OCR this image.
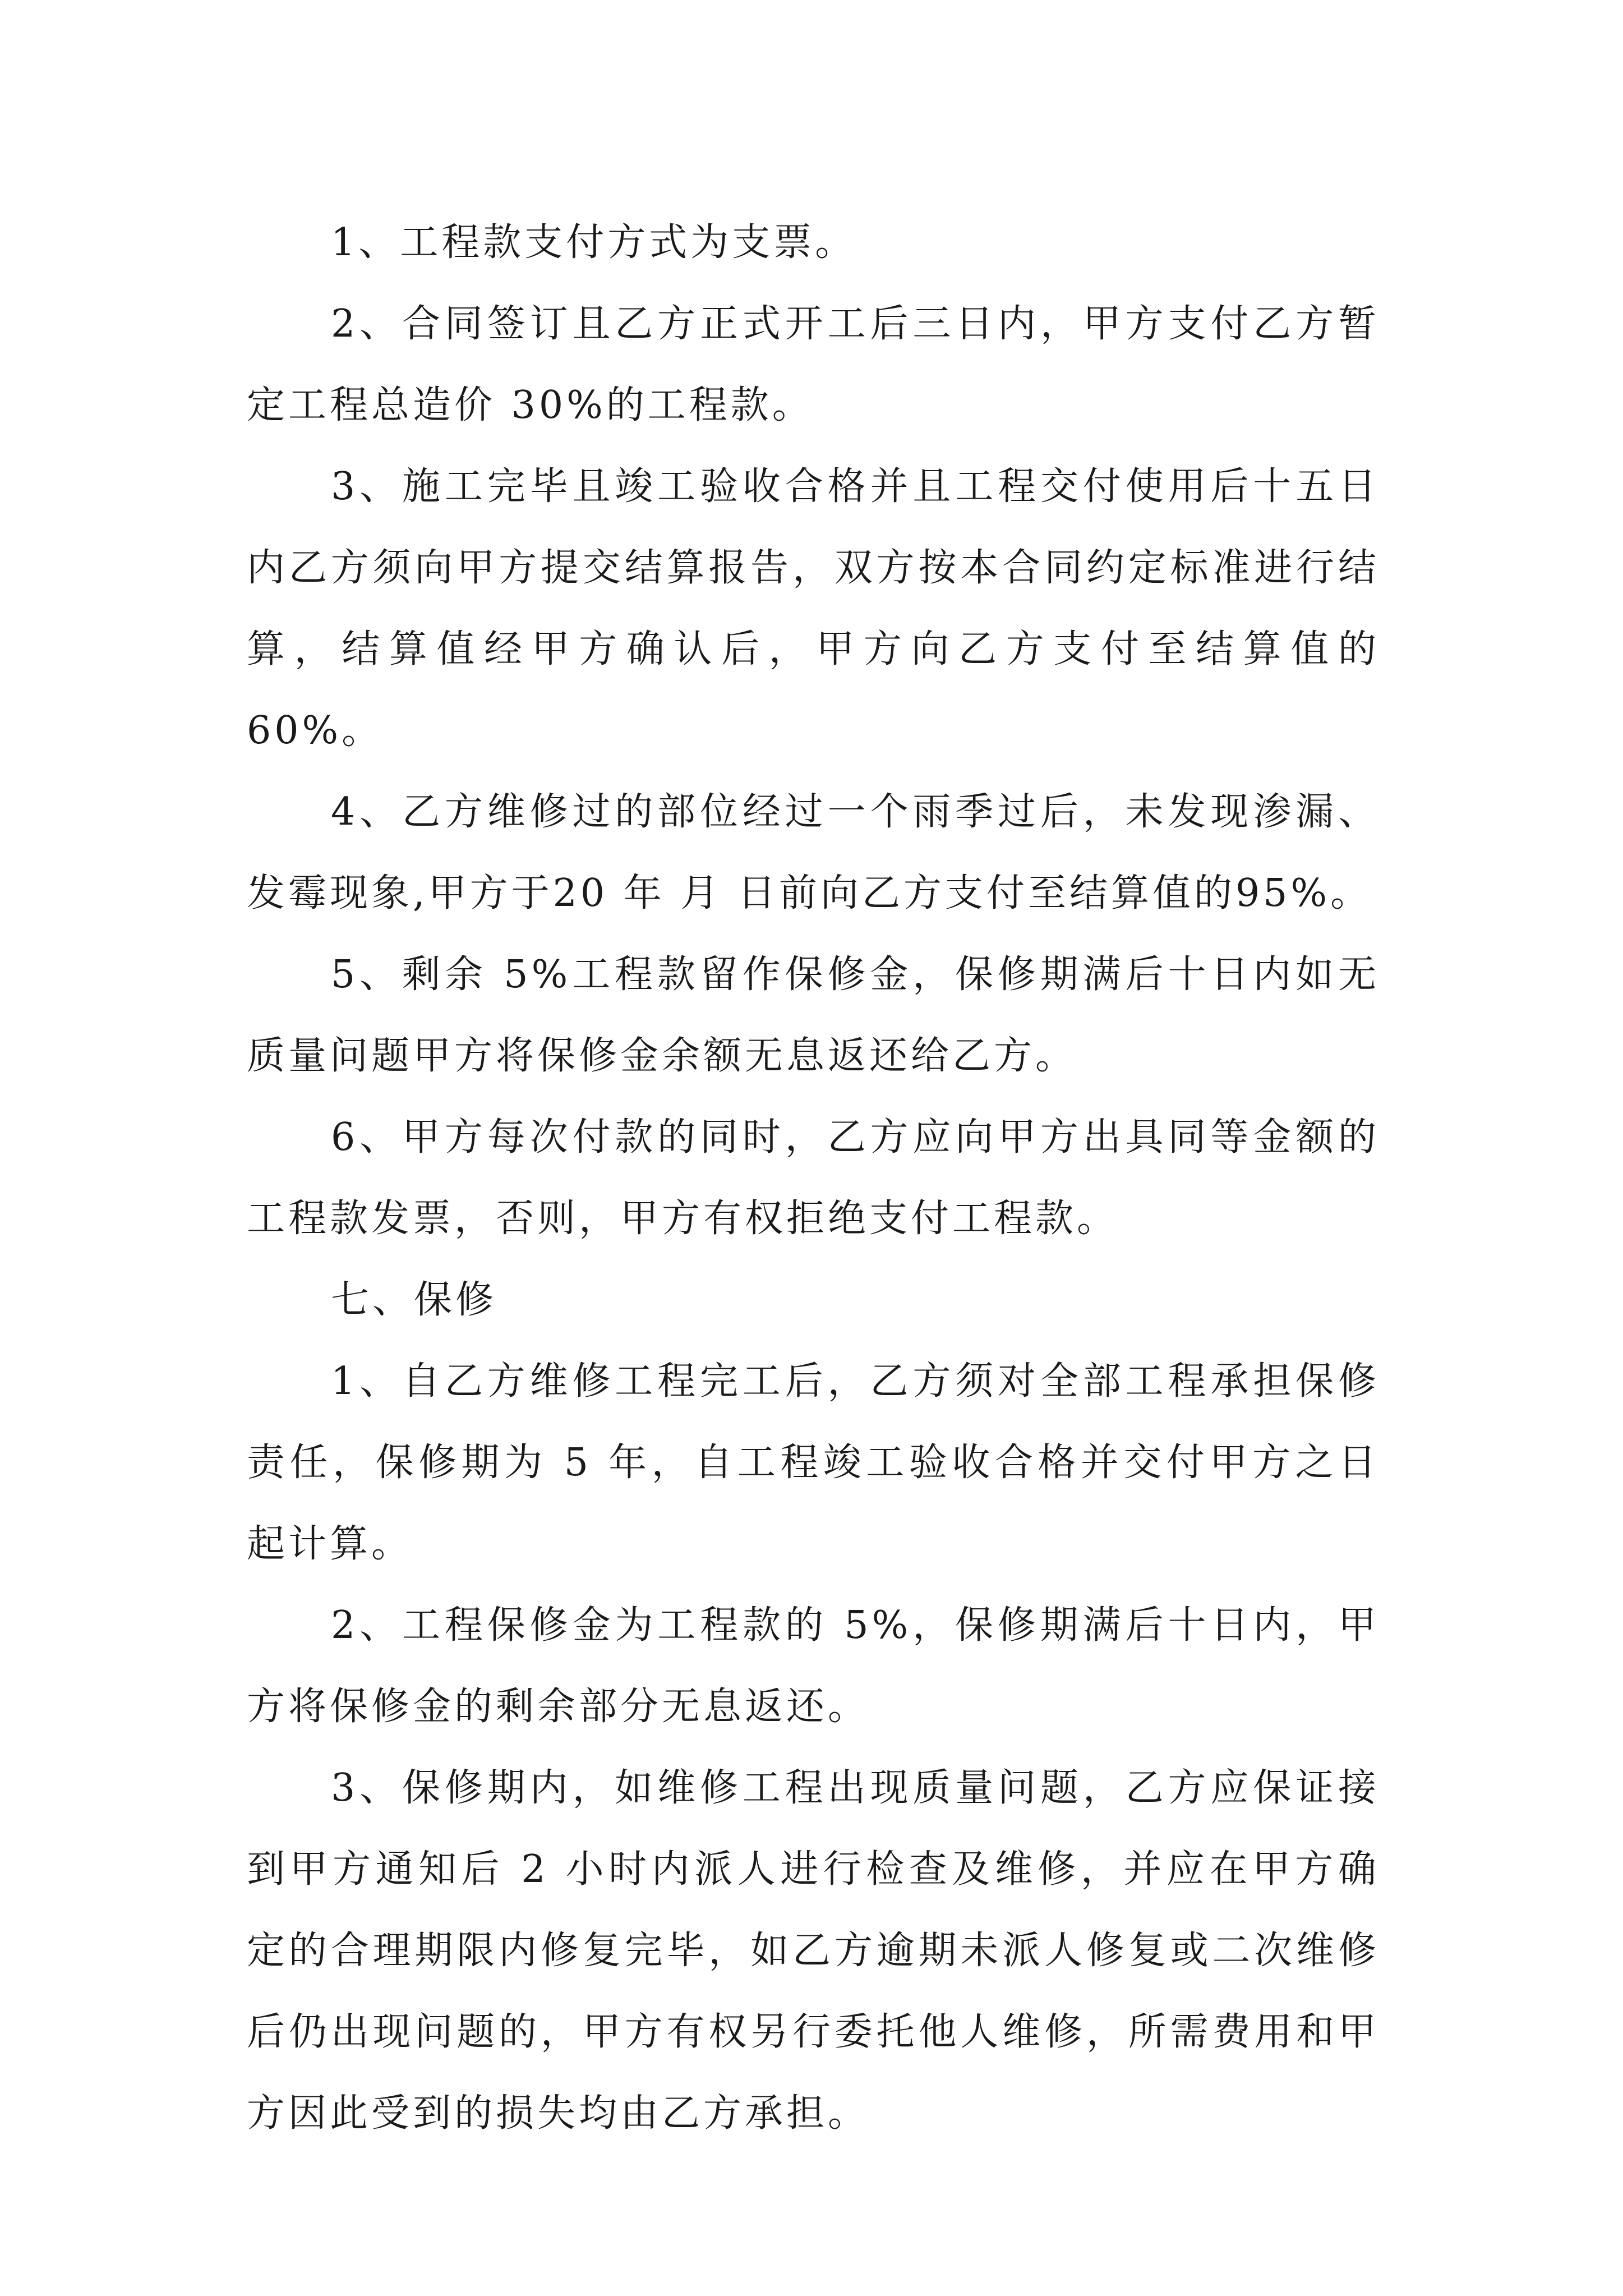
1、工程款支付方式为支票。

2、合同签订且乙方正式开工后三日内，甲方支付乙方暂定工程总造价 30%的工程款。

3、施工完毕且竣工验收合格并且工程交付使用后十五日内乙方须向甲方提交结算报告，双方按本合同约定标准进行结算，结算值经甲方确认后，甲方向乙方支付至结算值的 60%。

4、乙方维修过的部位经过一个雨季过后，未发现渗漏、发霉现象,甲方于20 年 月 日前向乙方支付至结算值的95%。

5、剩余 5%工程款留作保修金，保修期满后十日内如无质量问题甲方将保修金余额无息返还给乙方。

6、甲方每次付款的同时，乙方应向甲方出具同等金额的工程款发票，否则，甲方有权拒绝支付工程款。

七、保修

1、自乙方维修工程完工后，乙方须对全部工程承担保修责任，保修期为 5 年，自工程竣工验收合格并交付甲方之日起计算。

2、工程保修金为工程款的 5%，保修期满后十日内，甲方将保修金的剩余部分无息返还。

3、保修期内，如维修工程出现质量问题，乙方应保证接到甲方通知后 2 小时内派人进行检查及维修，并应在甲方确定的合理期限内修复完毕，如乙方逾期未派人修复或二次维修后仍出现问题的，甲方有权另行委托他人维修，所需费用和甲方因此受到的损失均由乙方承担。
